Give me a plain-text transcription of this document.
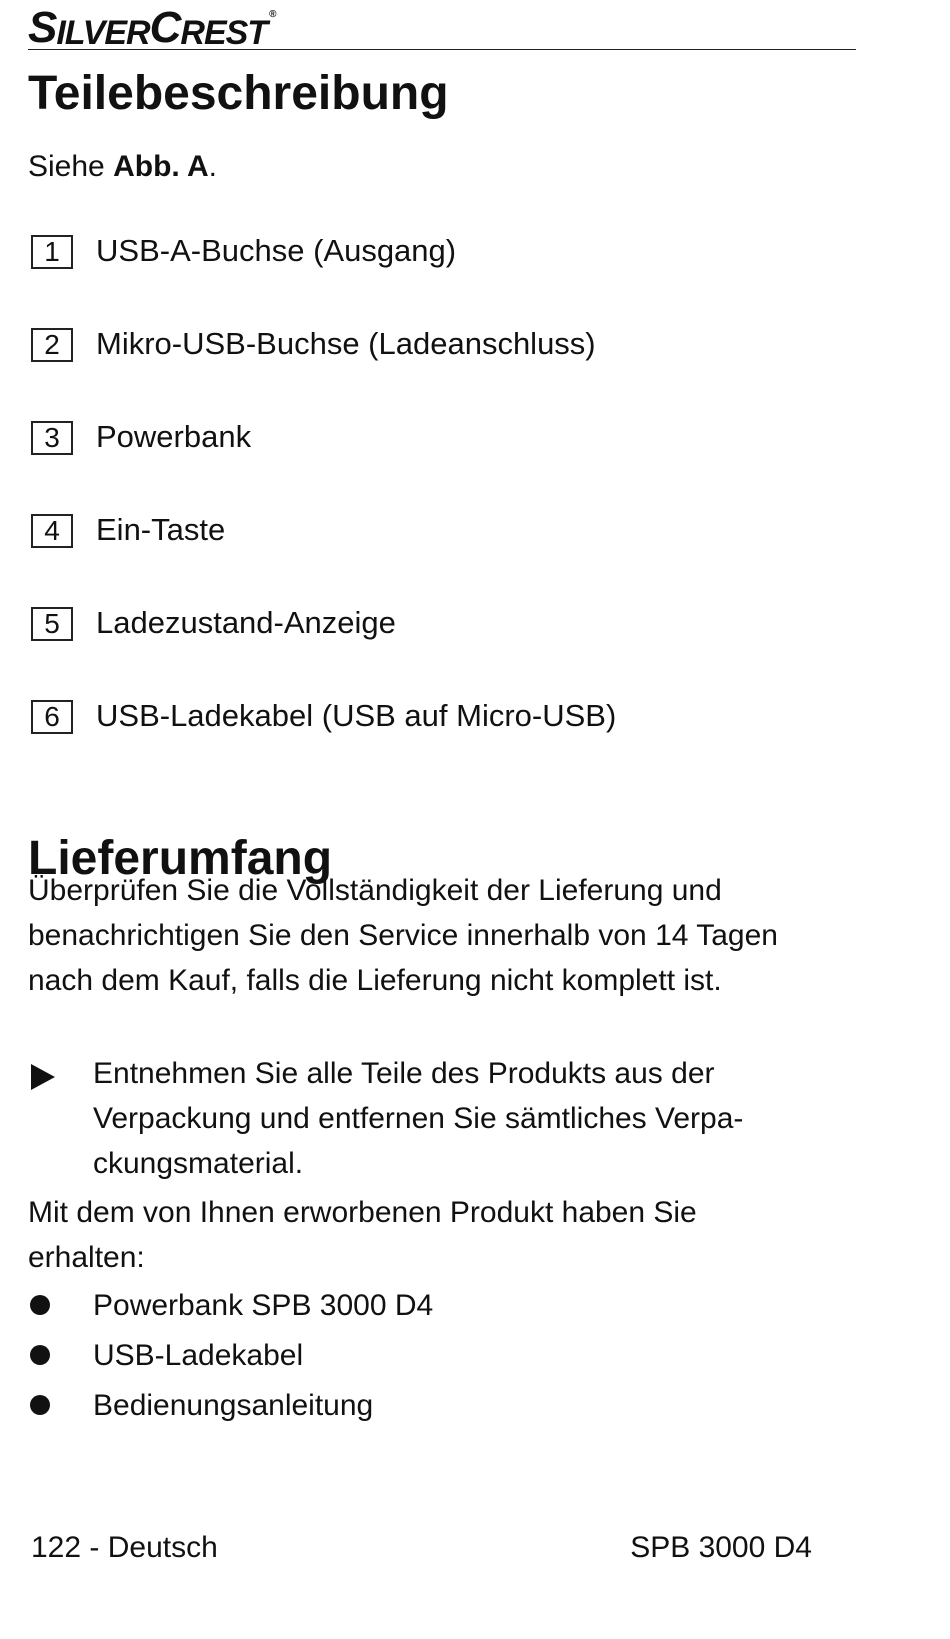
S ILVER C REST ®
Teilebeschreibung

Siehe Abb. A.

1	USB-A-Buchse (Ausgang)
2	Mikro-USB-Buchse (Ladeanschluss)
3	Powerbank
4	Ein-Taste
5	Ladezustand-Anzeige
6	USB-Ladekabel (USB auf Micro-USB)
Lieferumfang

Überprüfen Sie die Vollständigkeit der Lieferung und benachrichtigen Sie den Service innerhalb von 14 Tagen nach dem Kauf, falls die Lieferung nicht komplett ist.

Entnehmen Sie alle Teile des Produkts aus der Verpackung und entfernen Sie sämtliches Verpa-ckungsmaterial.

Mit dem von Ihnen erworbenen Produkt haben Sie erhalten:

Powerbank SPB 3000 D4
USB-Ladekabel
Bedienungsanleitung
122 - Deutsch	SPB 3000 D4
